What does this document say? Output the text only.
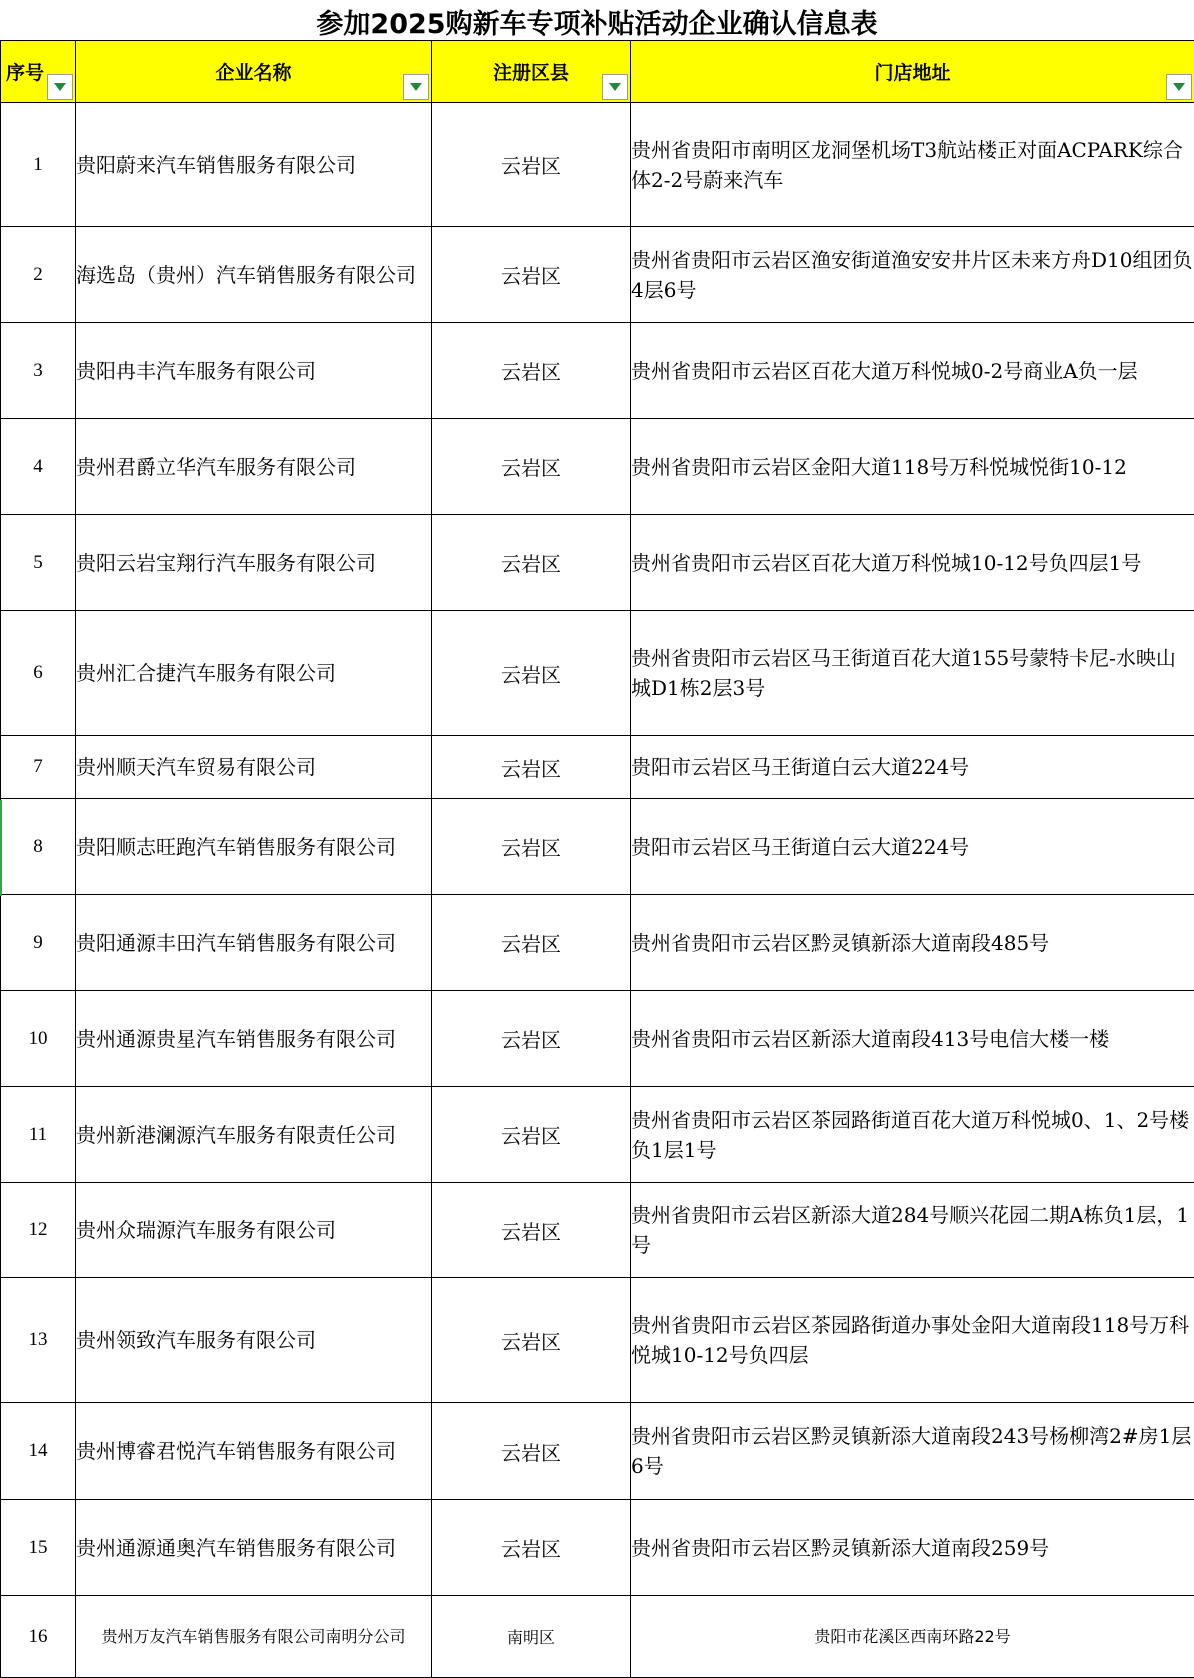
参加2025购新车专项补贴活动企业确认信息表
序号	企业名称	注册区县	门店地址

1	贵阳蔚来汽车销售服务有限公司	云岩区	贵州省贵阳市南明区龙洞堡机场T3航站楼正对面ACPARK综合体2-2号蔚来汽车
2	海选岛（贵州）汽车销售服务有限公司	云岩区	贵州省贵阳市云岩区渔安街道渔安安井片区未来方舟D10组团负4层6号
3	贵阳冉丰汽车服务有限公司	云岩区	贵州省贵阳市云岩区百花大道万科悦城0-2号商业A负一层
4	贵州君爵立华汽车服务有限公司	云岩区	贵州省贵阳市云岩区金阳大道118号万科悦城悦街10-12
5	贵阳云岩宝翔行汽车服务有限公司	云岩区	贵州省贵阳市云岩区百花大道万科悦城10-12号负四层1号
6	贵州汇合捷汽车服务有限公司	云岩区	贵州省贵阳市云岩区马王街道百花大道155号蒙特卡尼-水映山城D1栋2层3号
7	贵州顺天汽车贸易有限公司	云岩区	贵阳市云岩区马王街道白云大道224号
8	贵阳顺志旺跑汽车销售服务有限公司	云岩区	贵阳市云岩区马王街道白云大道224号
9	贵阳通源丰田汽车销售服务有限公司	云岩区	贵州省贵阳市云岩区黔灵镇新添大道南段485号
10	贵州通源贵星汽车销售服务有限公司	云岩区	贵州省贵阳市云岩区新添大道南段413号电信大楼一楼
11	贵州新港澜源汽车服务有限责任公司	云岩区	贵州省贵阳市云岩区茶园路街道百花大道万科悦城0、1、2号楼负1层1号
12	贵州众瑞源汽车服务有限公司	云岩区	贵州省贵阳市云岩区新添大道284号顺兴花园二期A栋负1层，1号
13	贵州领致汽车服务有限公司	云岩区	贵州省贵阳市云岩区茶园路街道办事处金阳大道南段118号万科悦城10-12号负四层
14	贵州博睿君悦汽车销售服务有限公司	云岩区	贵州省贵阳市云岩区黔灵镇新添大道南段243号杨柳湾2#房1层6号
15	贵州通源通奥汽车销售服务有限公司	云岩区	贵州省贵阳市云岩区黔灵镇新添大道南段259号
16	贵州万友汽车销售服务有限公司南明分公司	南明区	贵阳市花溪区西南环路22号
